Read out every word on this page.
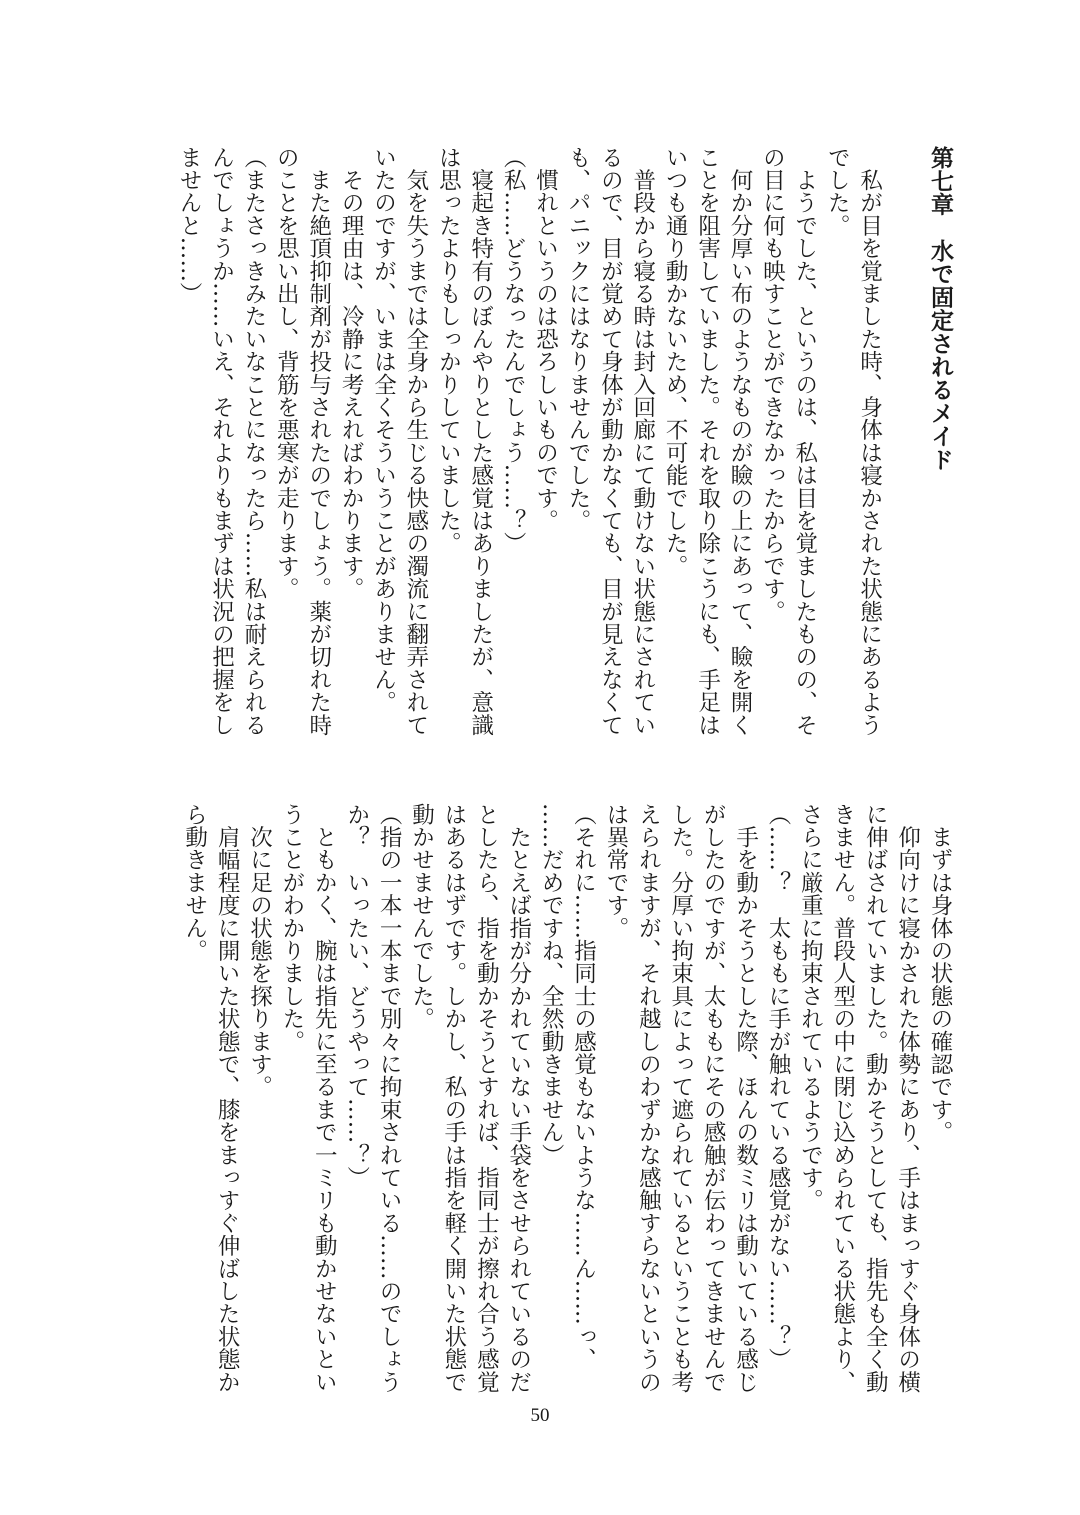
第七章　水で固定されるメイド
　私が目を覚ました時、身体は寝かされた状態にあるよう
でした。
　ようでした、というのは、私は目を覚ましたものの、そ
の目に何も映すことができなかったからです。
　何か分厚い布のようなものが瞼の上にあって、瞼を開く
ことを阻害していました。それを取り除こうにも、手足は
いつも通り動かないため、不可能でした。
　普段から寝る時は封入回廊にて動けない状態にされてい
るので、目が覚めて身体が動かなくても、目が見えなくて
も、パニックにはなりませんでした。
　慣れというのは恐ろしいものです。
（私……どうなったんでしょう……？）
　寝起き特有のぼんやりとした感覚はありましたが、意識
は思ったよりもしっかりしていました。
　気を失うまでは全身から生じる快感の濁流に翻弄されて
いたのですが、いまは全くそういうことがありません。
　その理由は、冷静に考えればわかります。
　また絶頂抑制剤が投与されたのでしょう。薬が切れた時
のことを思い出し、背筋を悪寒が走ります。
（またさっきみたいなことになったら……私は耐えられる
んでしょうか……いえ、それよりもまずは状況の把握をし
ませんと……）
　まずは身体の状態の確認です。
　仰向けに寝かされた体勢にあり、手はまっすぐ身体の横
に伸ばされていました。動かそうとしても、指先も全く動
きません。普段人型の中に閉じ込められている状態より、
さらに厳重に拘束されているようです。
（……？　太ももに手が触れている感覚がない……？）
　手を動かそうとした際、ほんの数ミリは動いている感じ
がしたのですが、太ももにその感触が伝わってきませんで
した。分厚い拘束具によって遮られているということも考
えられますが、それ越しのわずかな感触すらないというの
は異常です。
（それに……指同士の感覚もないような……ん……っ、
……だめですね、全然動きません）
　たとえば指が分かれていない手袋をさせられているのだ
としたら、指を動かそうとすれば、指同士が擦れ合う感覚
はあるはずです。しかし、私の手は指を軽く開いた状態で
動かせませんでした。
（指の一本一本まで別々に拘束されている……のでしょう
か？　いったい、どうやって……？）
　ともかく、腕は指先に至るまで一ミリも動かせないとい
うことがわかりました。
　次に足の状態を探ります。
　肩幅程度に開いた状態で、膝をまっすぐ伸ばした状態か
ら動きません。
50
